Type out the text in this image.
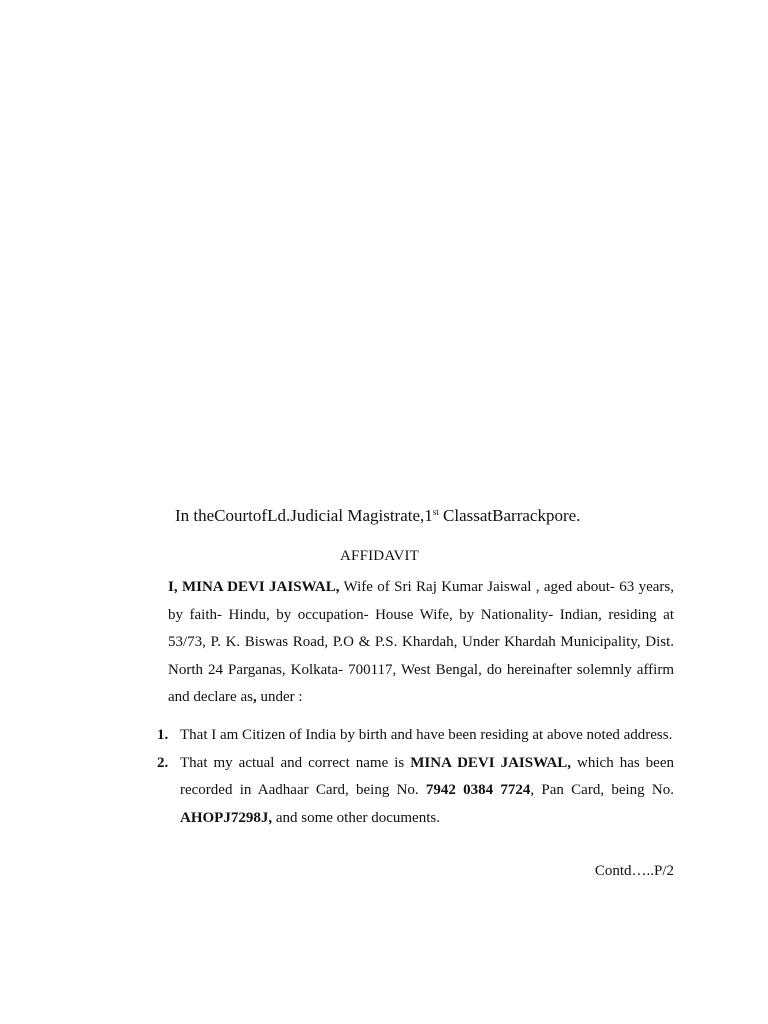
In theCourtofLd.Judicial Magistrate,1st ClassatBarrackpore.
AFFIDAVIT
I, MINA DEVI JAISWAL, Wife of Sri Raj Kumar Jaiswal , aged about- 63 years, by faith- Hindu, by occupation- House Wife, by Nationality- Indian, residing at 53/73, P. K. Biswas Road, P.O & P.S. Khardah, Under Khardah Municipality, Dist. North 24 Parganas, Kolkata- 700117, West Bengal, do hereinafter solemnly affirm and declare as, under :
1. That I am Citizen of India by birth and have been residing at above noted address.
2. That my actual and correct name is MINA DEVI JAISWAL, which has been recorded in Aadhaar Card, being No. 7942 0384 7724, Pan Card, being No. AHOPJ7298J, and some other documents.
Contd…..P/2
